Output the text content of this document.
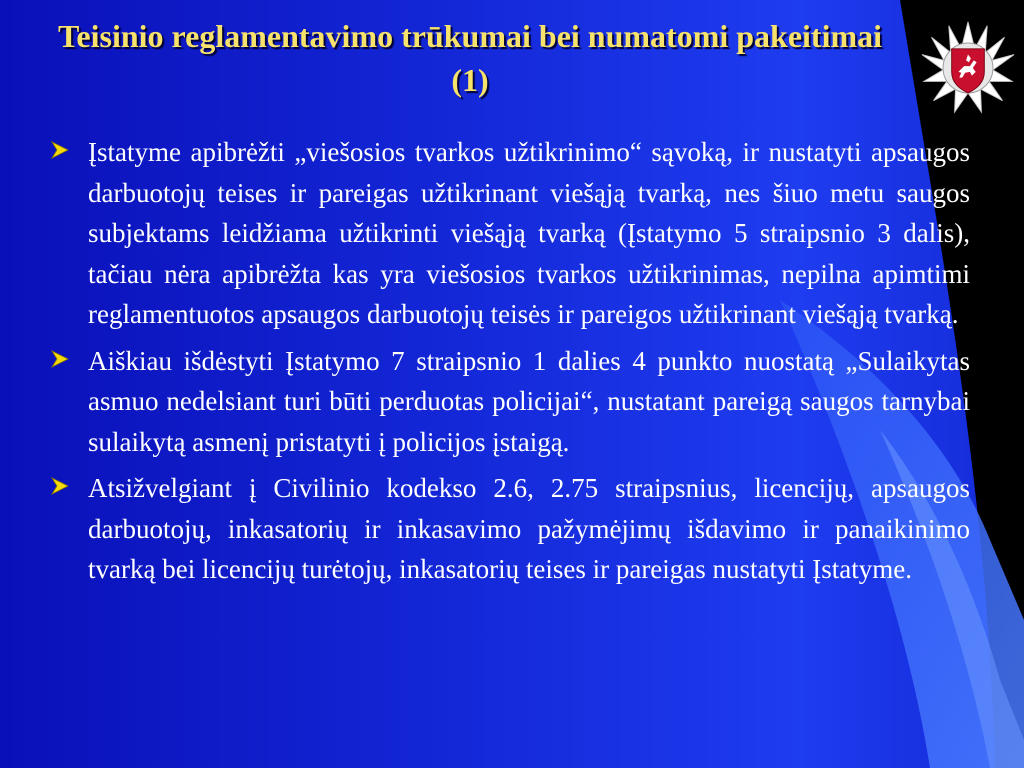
Teisinio reglamentavimo trūkumai bei numatomi pakeitimai (1)
Įstatyme apibrėžti „viešosios tvarkos užtikrinimo“ sąvoką, ir nustatyti apsaugos darbuotojų teises ir pareigas užtikrinant viešąją tvarką, nes šiuo metu saugos subjektams leidžiama užtikrinti viešąją tvarką (Įstatymo 5 straipsnio 3 dalis), tačiau nėra apibrėžta kas yra viešosios tvarkos užtikrinimas, nepilna apimtimi reglamentuotos apsaugos darbuotojų teisės ir pareigos užtikrinant viešąją tvarką.
Aiškiau išdėstyti Įstatymo 7 straipsnio 1 dalies 4 punkto nuostatą „Sulaikytas asmuo nedelsiant turi būti perduotas policijai“, nustatant pareigą saugos tarnybai sulaikytą asmenį pristatyti į policijos įstaigą.
Atsižvelgiant į Civilinio kodekso 2.6, 2.75 straipsnius, licencijų, apsaugos darbuotojų, inkasatorių ir inkasavimo pažymėjimų išdavimo ir panaikinimo tvarką bei licencijų turėtojų, inkasatorių teises ir pareigas nustatyti Įstatyme.
